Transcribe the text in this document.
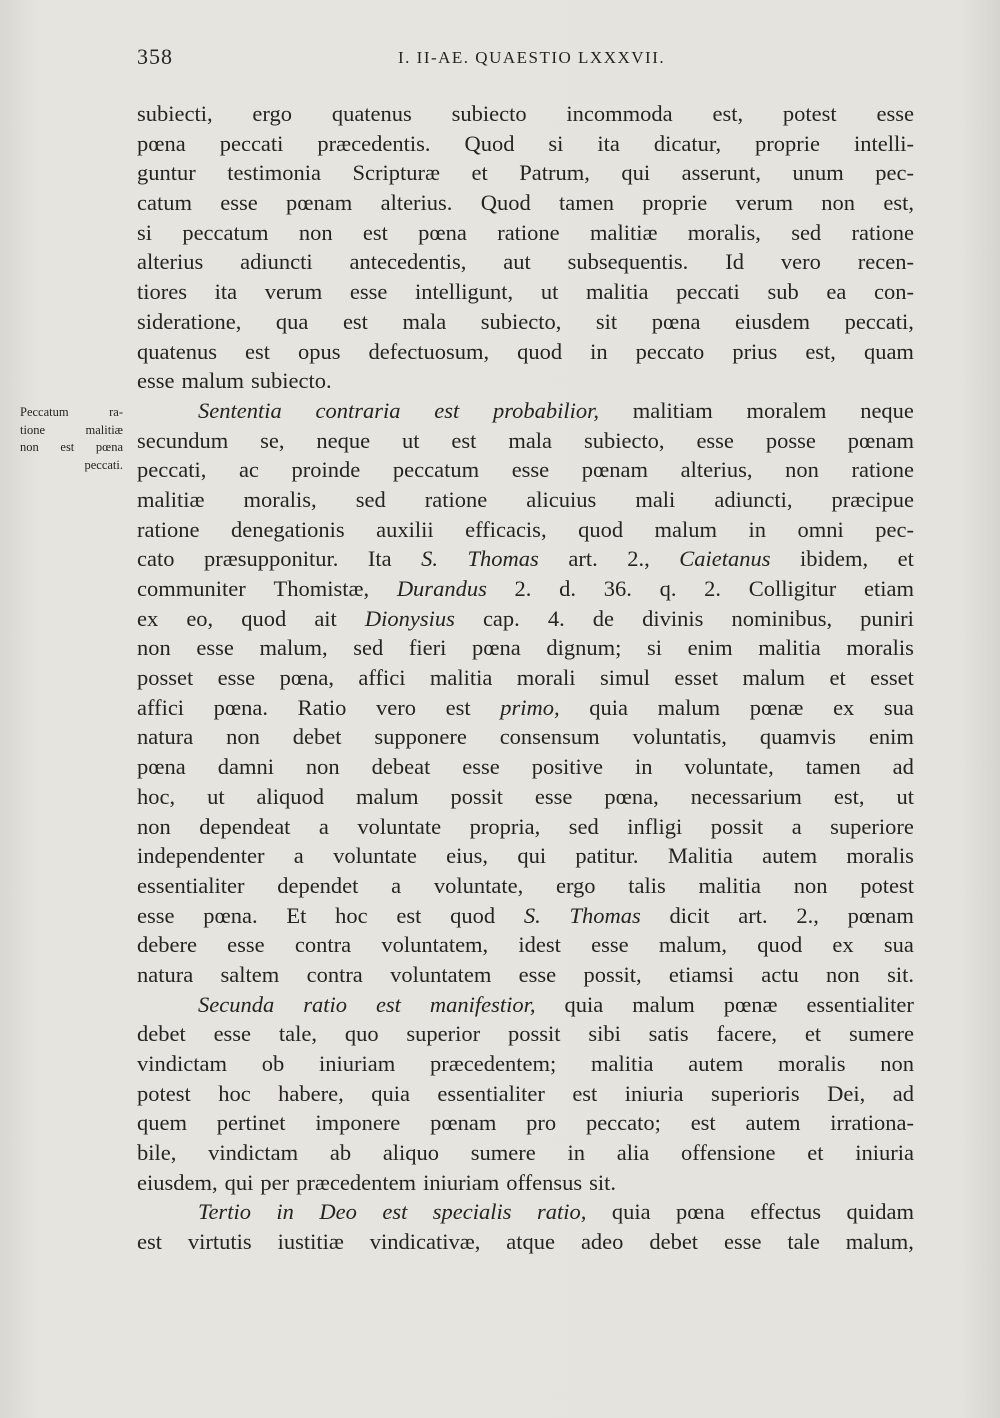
358	I. II-AE. QUAESTIO LXXXVII.
Peccatum	ra-
tione	malitiæ
non est pœna
peccati.
subiecti, ergo quatenus subiecto incommoda est, potest esse
pœna peccati præcedentis. Quod si ita dicatur, proprie intelli-
guntur testimonia Scripturæ et Patrum, qui asserunt, unum pec-
catum esse pœnam alterius. Quod tamen proprie verum non est,
si peccatum non est pœna ratione malitiæ moralis, sed ratione
alterius adiuncti antecedentis, aut subsequentis. Id vero recen-
tiores ita verum esse intelligunt, ut malitia peccati sub ea con-
sideratione, qua est mala subiecto, sit pœna eiusdem peccati,
quatenus est opus defectuosum, quod in peccato prius est, quam
esse malum subiecto.
Sententia contraria est probabilior, malitiam moralem neque
secundum se, neque ut est mala subiecto, esse posse pœnam
peccati, ac proinde peccatum esse pœnam alterius, non ratione
malitiæ moralis, sed ratione alicuius mali adiuncti, præcipue
ratione denegationis auxilii efficacis, quod malum in omni pec-
cato præsupponitur. Ita S. Thomas art. 2., Caietanus ibidem, et
communiter Thomistæ, Durandus 2. d. 36. q. 2. Colligitur etiam
ex eo, quod ait Dionysius cap. 4. de divinis nominibus, puniri
non esse malum, sed fieri pœna dignum; si enim malitia moralis
posset esse pœna, affici malitia morali simul esset malum et esset
affici pœna. Ratio vero est primo, quia malum pœnæ ex sua
natura non debet supponere consensum voluntatis, quamvis enim
pœna damni non debeat esse positive in voluntate, tamen ad
hoc, ut aliquod malum possit esse pœna, necessarium est, ut
non dependeat a voluntate propria, sed infligi possit a superiore
independenter a voluntate eius, qui patitur. Malitia autem moralis
essentialiter dependet a voluntate, ergo talis malitia non potest
esse pœna. Et hoc est quod S. Thomas dicit art. 2., pœnam
debere esse contra voluntatem, idest esse malum, quod ex sua
natura saltem contra voluntatem esse possit, etiamsi actu non sit.
Secunda ratio est manifestior, quia malum pœnæ essentialiter
debet esse tale, quo superior possit sibi satis facere, et sumere
vindictam ob iniuriam præcedentem; malitia autem moralis non
potest hoc habere, quia essentialiter est iniuria superioris Dei, ad
quem pertinet imponere pœnam pro peccato; est autem irrationa-
bile, vindictam ab aliquo sumere in alia offensione et iniuria
eiusdem, qui per præcedentem iniuriam offensus sit.
Tertio in Deo est specialis ratio, quia pœna effectus quidam
est virtutis iustitiæ vindicativæ, atque adeo debet esse tale malum,
